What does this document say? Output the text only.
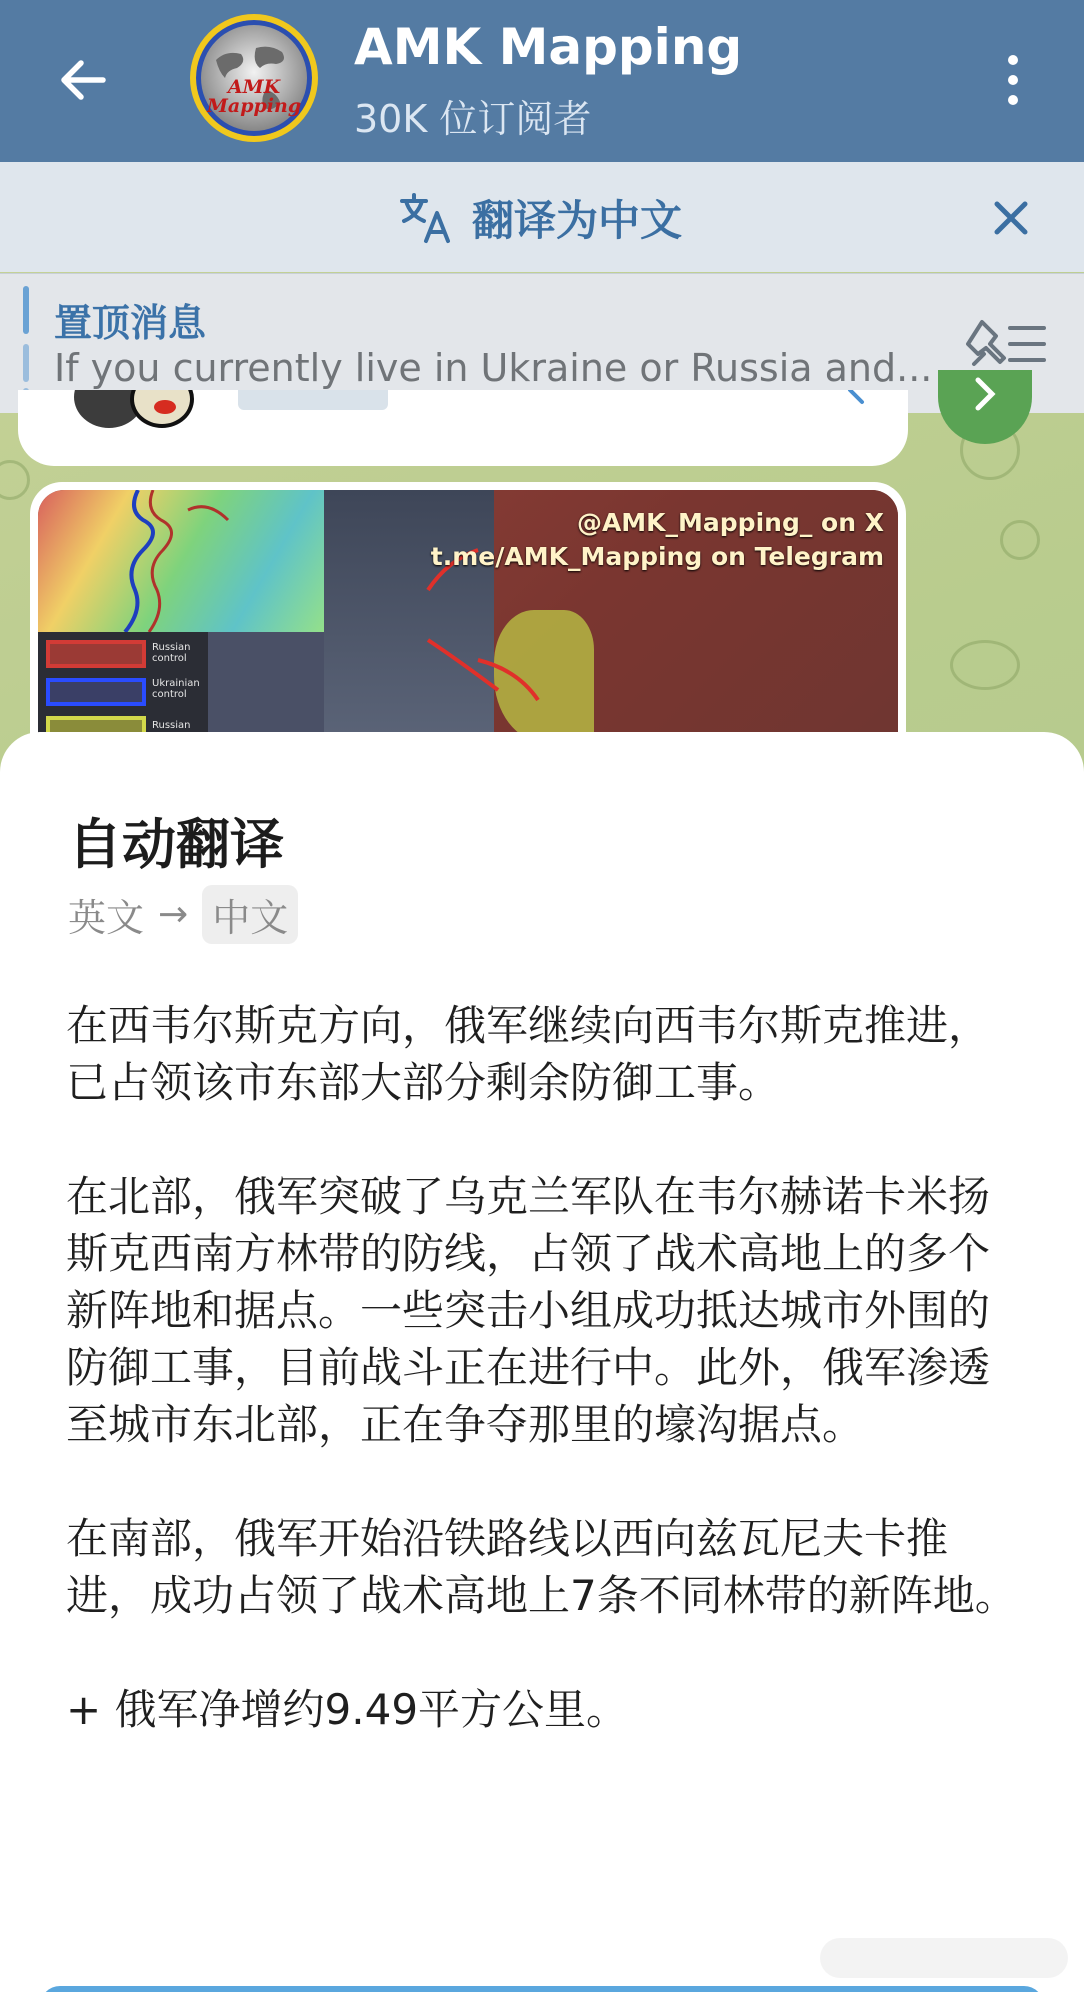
AMK
Mapping
AMK Mapping
30K 位订阅者
翻译为中文
置顶消息
If you currently live in Ukraine or Russia and...
Russian control
Ukrainian control
Russian
@AMK_Mapping_ on X
t.me/AMK_Mapping on Telegram
自动翻译
英文 → 中文

在西韦尔斯克方向，俄军继续向西韦尔斯克推进，已占领该市东部大部分剩余防御工事。

在北部，俄军突破了乌克兰军队在韦尔赫诺卡米扬斯克西南方林带的防线，占领了战术高地上的多个新阵地和据点。一些突击小组成功抵达城市外围的防御工事，目前战斗正在进行中。此外，俄军渗透至城市东北部，正在争夺那里的壕沟据点。

在南部，俄军开始沿铁路线以西向兹瓦尼夫卡推进，成功占领了战术高地上7条不同林带的新阵地。

+ 俄军净增约9.49平方公里。
